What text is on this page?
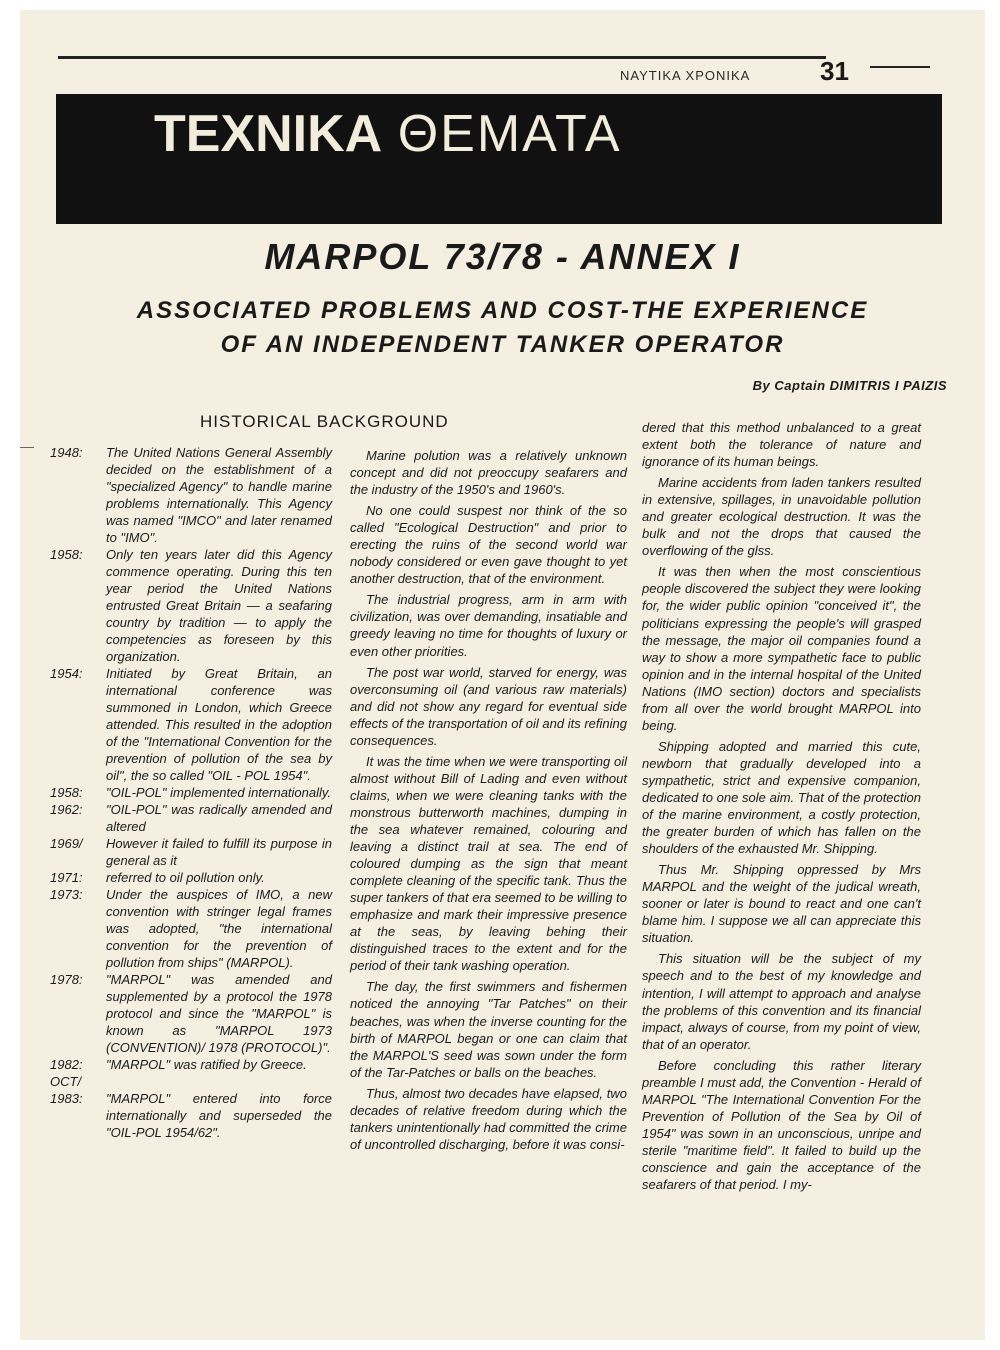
ΝΑΥΤΙΚΑ ΧΡΟΝΙΚΑ	31
ΤΕΧΝΙΚΑ ΘΕΜΑΤΑ
MARPOL 73/78 - ANNEX I
ASSOCIATED PROBLEMS AND COST-THE EXPERIENCE
OF AN INDEPENDENT TANKER OPERATOR
By Captain DIMITRIS I PAIZIS
HISTORICAL BACKGROUND
1948:	The United Nations General Assembly decided on the establishment of a "specialized Agency" to handle marine problems internationally. This Agency was named "IMCO" and later renamed to "IMO".
1958:	Only ten years later did this Agency commence operating. During this ten year period the United Nations entrusted Great Britain — a seafaring country by tradition — to apply the competencies as foreseen by this organization.
1954:	Initiated by Great Britain, an international conference was summoned in London, which Greece attended. This resulted in the adoption of the "International Convention for the prevention of pollution of the sea by oil", the so called "OIL - POL 1954".
1958:	"OIL-POL" implemented internationally.
1962:	"OIL-POL" was radically amended and altered
1969/	However it failed to fulfill its purpose in general as it
1971:	referred to oil pollution only.
1973:	Under the auspices of IMO, a new convention with stringer legal frames was adopted, "the international convention for the prevention of pollution from ships" (MARPOL).
1978:	"MARPOL" was amended and supplemented by a protocol the 1978 protocol and since the "MARPOL" is known as "MARPOL 1973 (CONVENTION)/ 1978 (PROTOCOL)".
1982:	"MARPOL" was ratified by Greece.
OCT/
1983:	"MARPOL" entered into force internationally and superseded the "OIL-POL 1954/62".

Marine polution was a relatively unknown concept and did not preoccupy seafarers and the industry of the 1950's and 1960's.

No one could suspest nor think of the so called "Ecological Destruction" and prior to erecting the ruins of the second world war nobody considered or even gave thought to yet another destruction, that of the environment.

The industrial progress, arm in arm with civilization, was over demanding, insatiable and greedy leaving no time for thoughts of luxury or even other priorities.

The post war world, starved for energy, was overconsuming oil (and various raw materials) and did not show any regard for eventual side effects of the transportation of oil and its refining consequences.

It was the time when we were transporting oil almost without Bill of Lading and even without claims, when we were cleaning tanks with the monstrous butterworth machines, dumping in the sea whatever remained, colouring and leaving a distinct trail at sea. The end of coloured dumping as the sign that meant complete cleaning of the specific tank. Thus the super tankers of that era seemed to be willing to emphasize and mark their impressive presence at the seas, by leaving behing their distinguished traces to the extent and for the period of their tank washing operation.

The day, the first swimmers and fishermen noticed the annoying "Tar Patches" on their beaches, was when the inverse counting for the birth of MARPOL began or one can claim that the MARPOL'S seed was sown under the form of the Tar-Patches or balls on the beaches.

Thus, almost two decades have elapsed, two decades of relative freedom during which the tankers unintentionally had committed the crime of uncontrolled discharging, before it was consi-

dered that this method unbalanced to a great extent both the tolerance of nature and ignorance of its human beings.

Marine accidents from laden tankers resulted in extensive, spillages, in unavoidable pollution and greater ecological destruction. It was the bulk and not the drops that caused the overflowing of the glss.

It was then when the most conscientious people discovered the subject they were looking for, the wider public opinion "conceived it", the politicians expressing the people's will grasped the message, the major oil companies found a way to show a more sympathetic face to public opinion and in the internal hospital of the United Nations (IMO section) doctors and specialists from all over the world brought MARPOL into being.

Shipping adopted and married this cute, newborn that gradually developed into a sympathetic, strict and expensive companion, dedicated to one sole aim. That of the protection of the marine environment, a costly protection, the greater burden of which has fallen on the shoulders of the exhausted Mr. Shipping.

Thus Mr. Shipping oppressed by Mrs MARPOL and the weight of the judical wreath, sooner or later is bound to react and one can't blame him. I suppose we all can appreciate this situation.

This situation will be the subject of my speech and to the best of my knowledge and intention, I will attempt to approach and analyse the problems of this convention and its financial impact, always of course, from my point of view, that of an operator.

Before concluding this rather literary preamble I must add, the Convention - Herald of MARPOL "The International Convention For the Prevention of Pollution of the Sea by Oil of 1954" was sown in an unconscious, unripe and sterile "maritime field". It failed to build up the conscience and gain the acceptance of the seafarers of that period. I my-
